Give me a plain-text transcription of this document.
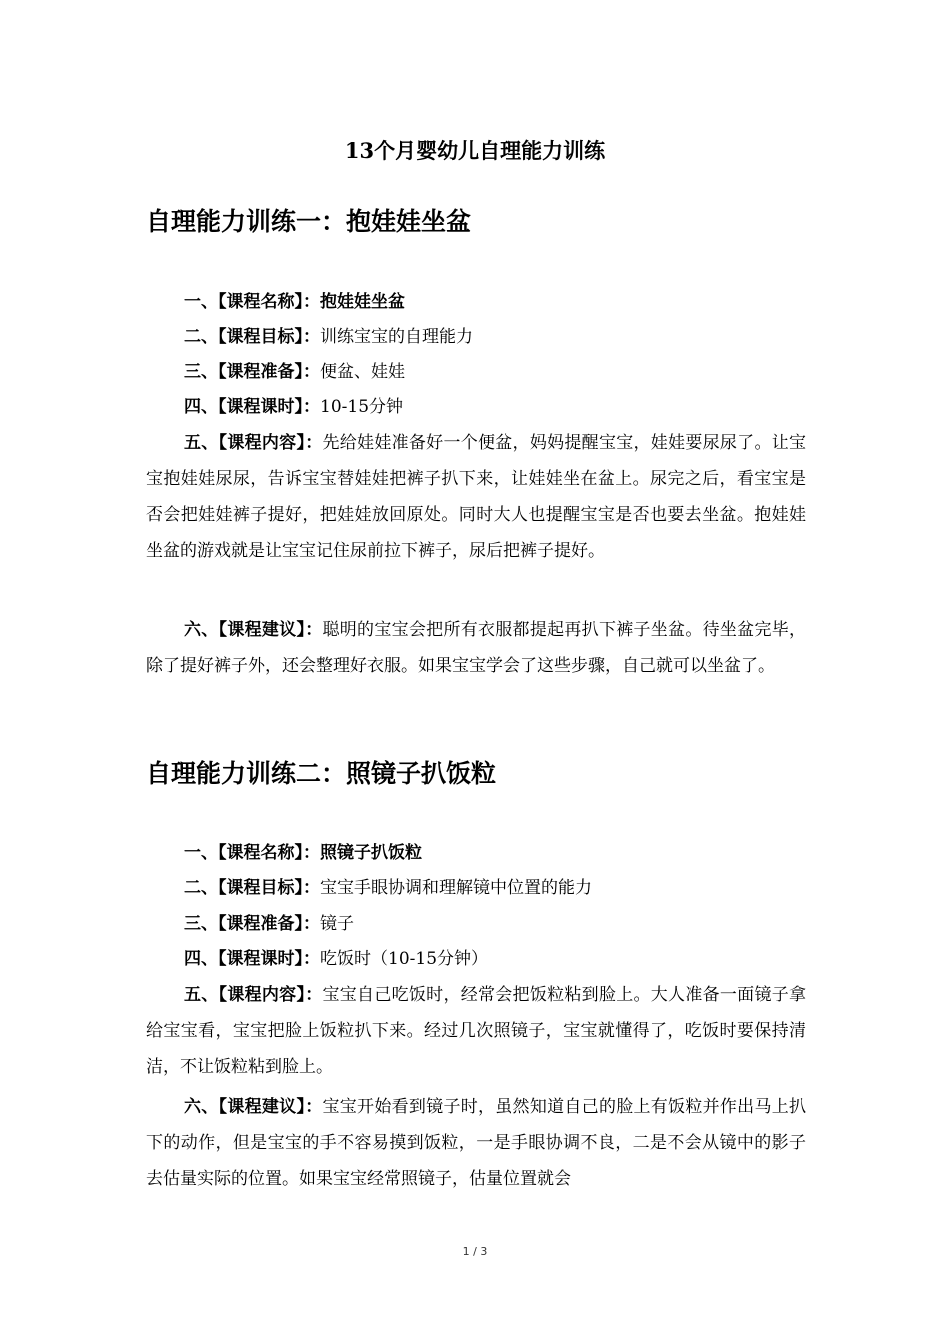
13个月婴幼儿自理能力训练
自理能力训练一：抱娃娃坐盆
一、【课程名称】：抱娃娃坐盆
二、【课程目标】：训练宝宝的自理能力
三、【课程准备】：便盆、娃娃
四、【课程课时】：10-15分钟
五、【课程内容】：先给娃娃准备好一个便盆，妈妈提醒宝宝，娃娃要尿尿了。让宝宝抱娃娃尿尿，告诉宝宝替娃娃把裤子扒下来，让娃娃坐在盆上。尿完之后，看宝宝是否会把娃娃裤子提好，把娃娃放回原处。同时大人也提醒宝宝是否也要去坐盆。抱娃娃坐盆的游戏就是让宝宝记住尿前拉下裤子，尿后把裤子提好。
六、【课程建议】：聪明的宝宝会把所有衣服都提起再扒下裤子坐盆。待坐盆完毕，除了提好裤子外，还会整理好衣服。如果宝宝学会了这些步骤，自己就可以坐盆了。
自理能力训练二：照镜子扒饭粒
一、【课程名称】：照镜子扒饭粒
二、【课程目标】：宝宝手眼协调和理解镜中位置的能力
三、【课程准备】：镜子
四、【课程课时】：吃饭时（10-15分钟）
五、【课程内容】：宝宝自己吃饭时，经常会把饭粒粘到脸上。大人准备一面镜子拿给宝宝看，宝宝把脸上饭粒扒下来。经过几次照镜子，宝宝就懂得了，吃饭时要保持清洁，不让饭粒粘到脸上。
六、【课程建议】：宝宝开始看到镜子时，虽然知道自己的脸上有饭粒并作出马上扒下的动作，但是宝宝的手不容易摸到饭粒，一是手眼协调不良，二是不会从镜中的影子去估量实际的位置。如果宝宝经常照镜子，估量位置就会
1 / 3
